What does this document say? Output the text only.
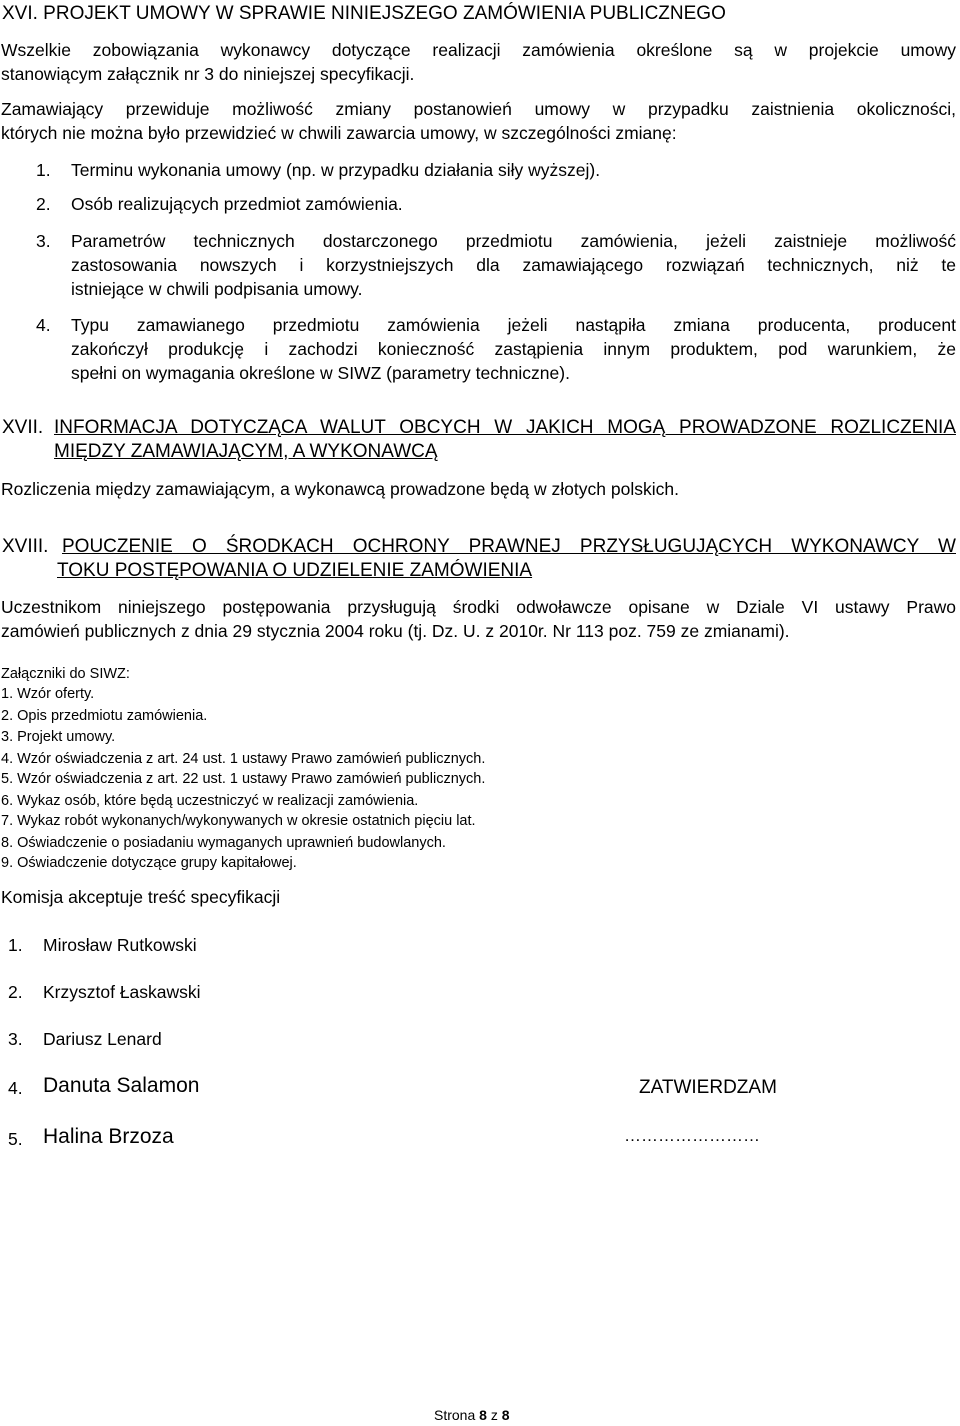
XVI. PROJEKT UMOWY W SPRAWIE NINIEJSZEGO ZAMÓWIENIA PUBLICZNEGO
Wszelkie zobowiązania wykonawcy dotyczące realizacji zamówienia określone są w projekcie umowy
stanowiącym załącznik nr 3 do niniejszej specyfikacji.
Zamawiający przewiduje możliwość zmiany postanowień umowy w przypadku zaistnienia okoliczności,
których nie można było przewidzieć w chwili zawarcia umowy, w szczególności zmianę:
1. Terminu wykonania umowy (np. w przypadku działania siły wyższej).
2. Osób realizujących przedmiot zamówienia.
3. Parametrów technicznych dostarczonego przedmiotu zamówienia, jeżeli zaistnieje możliwość
zastosowania nowszych i korzystniejszych dla zamawiającego rozwiązań technicznych, niż te
istniejące w chwili podpisania umowy.
4. Typu zamawianego przedmiotu zamówienia jeżeli nastąpiła zmiana producenta, producent
zakończył produkcję i zachodzi konieczność zastąpienia innym produktem, pod warunkiem, że
spełni on wymagania określone w SIWZ (parametry techniczne).
XVII. INFORMACJA DOTYCZĄCA WALUT OBCYCH W JAKICH MOGĄ PROWADZONE ROZLICZENIA
MIĘDZY ZAMAWIAJĄCYM, A WYKONAWCĄ
Rozliczenia między zamawiającym, a wykonawcą prowadzone będą w złotych polskich.
XVIII. POUCZENIE O ŚRODKACH OCHRONY PRAWNEJ PRZYSŁUGUJĄCYCH WYKONAWCY W
TOKU POSTĘPOWANIA O UDZIELENIE ZAMÓWIENIA
Uczestnikom niniejszego postępowania przysługują środki odwoławcze opisane w Dziale VI ustawy Prawo
zamówień publicznych z dnia 29 stycznia 2004 roku (tj. Dz. U. z 2010r. Nr 113 poz. 759 ze zmianami).
Załączniki do SIWZ:
1. Wzór oferty.
2. Opis przedmiotu zamówienia.
3. Projekt umowy.
4. Wzór oświadczenia z art. 24 ust. 1 ustawy Prawo zamówień publicznych.
5. Wzór oświadczenia z art. 22 ust. 1 ustawy Prawo zamówień publicznych.
6. Wykaz osób, które będą uczestniczyć w realizacji zamówienia.
7. Wykaz robót wykonanych/wykonywanych w okresie ostatnich pięciu lat.
8. Oświadczenie o posiadaniu wymaganych uprawnień budowlanych.
9. Oświadczenie dotyczące grupy kapitałowej.
Komisja akceptuje treść specyfikacji
1. Mirosław Rutkowski
2. Krzysztof Łaskawski
3. Dariusz Lenard
4. Danuta Salamon
5. Halina Brzoza
ZATWIERDZAM
……………………
Strona 8 z 8
